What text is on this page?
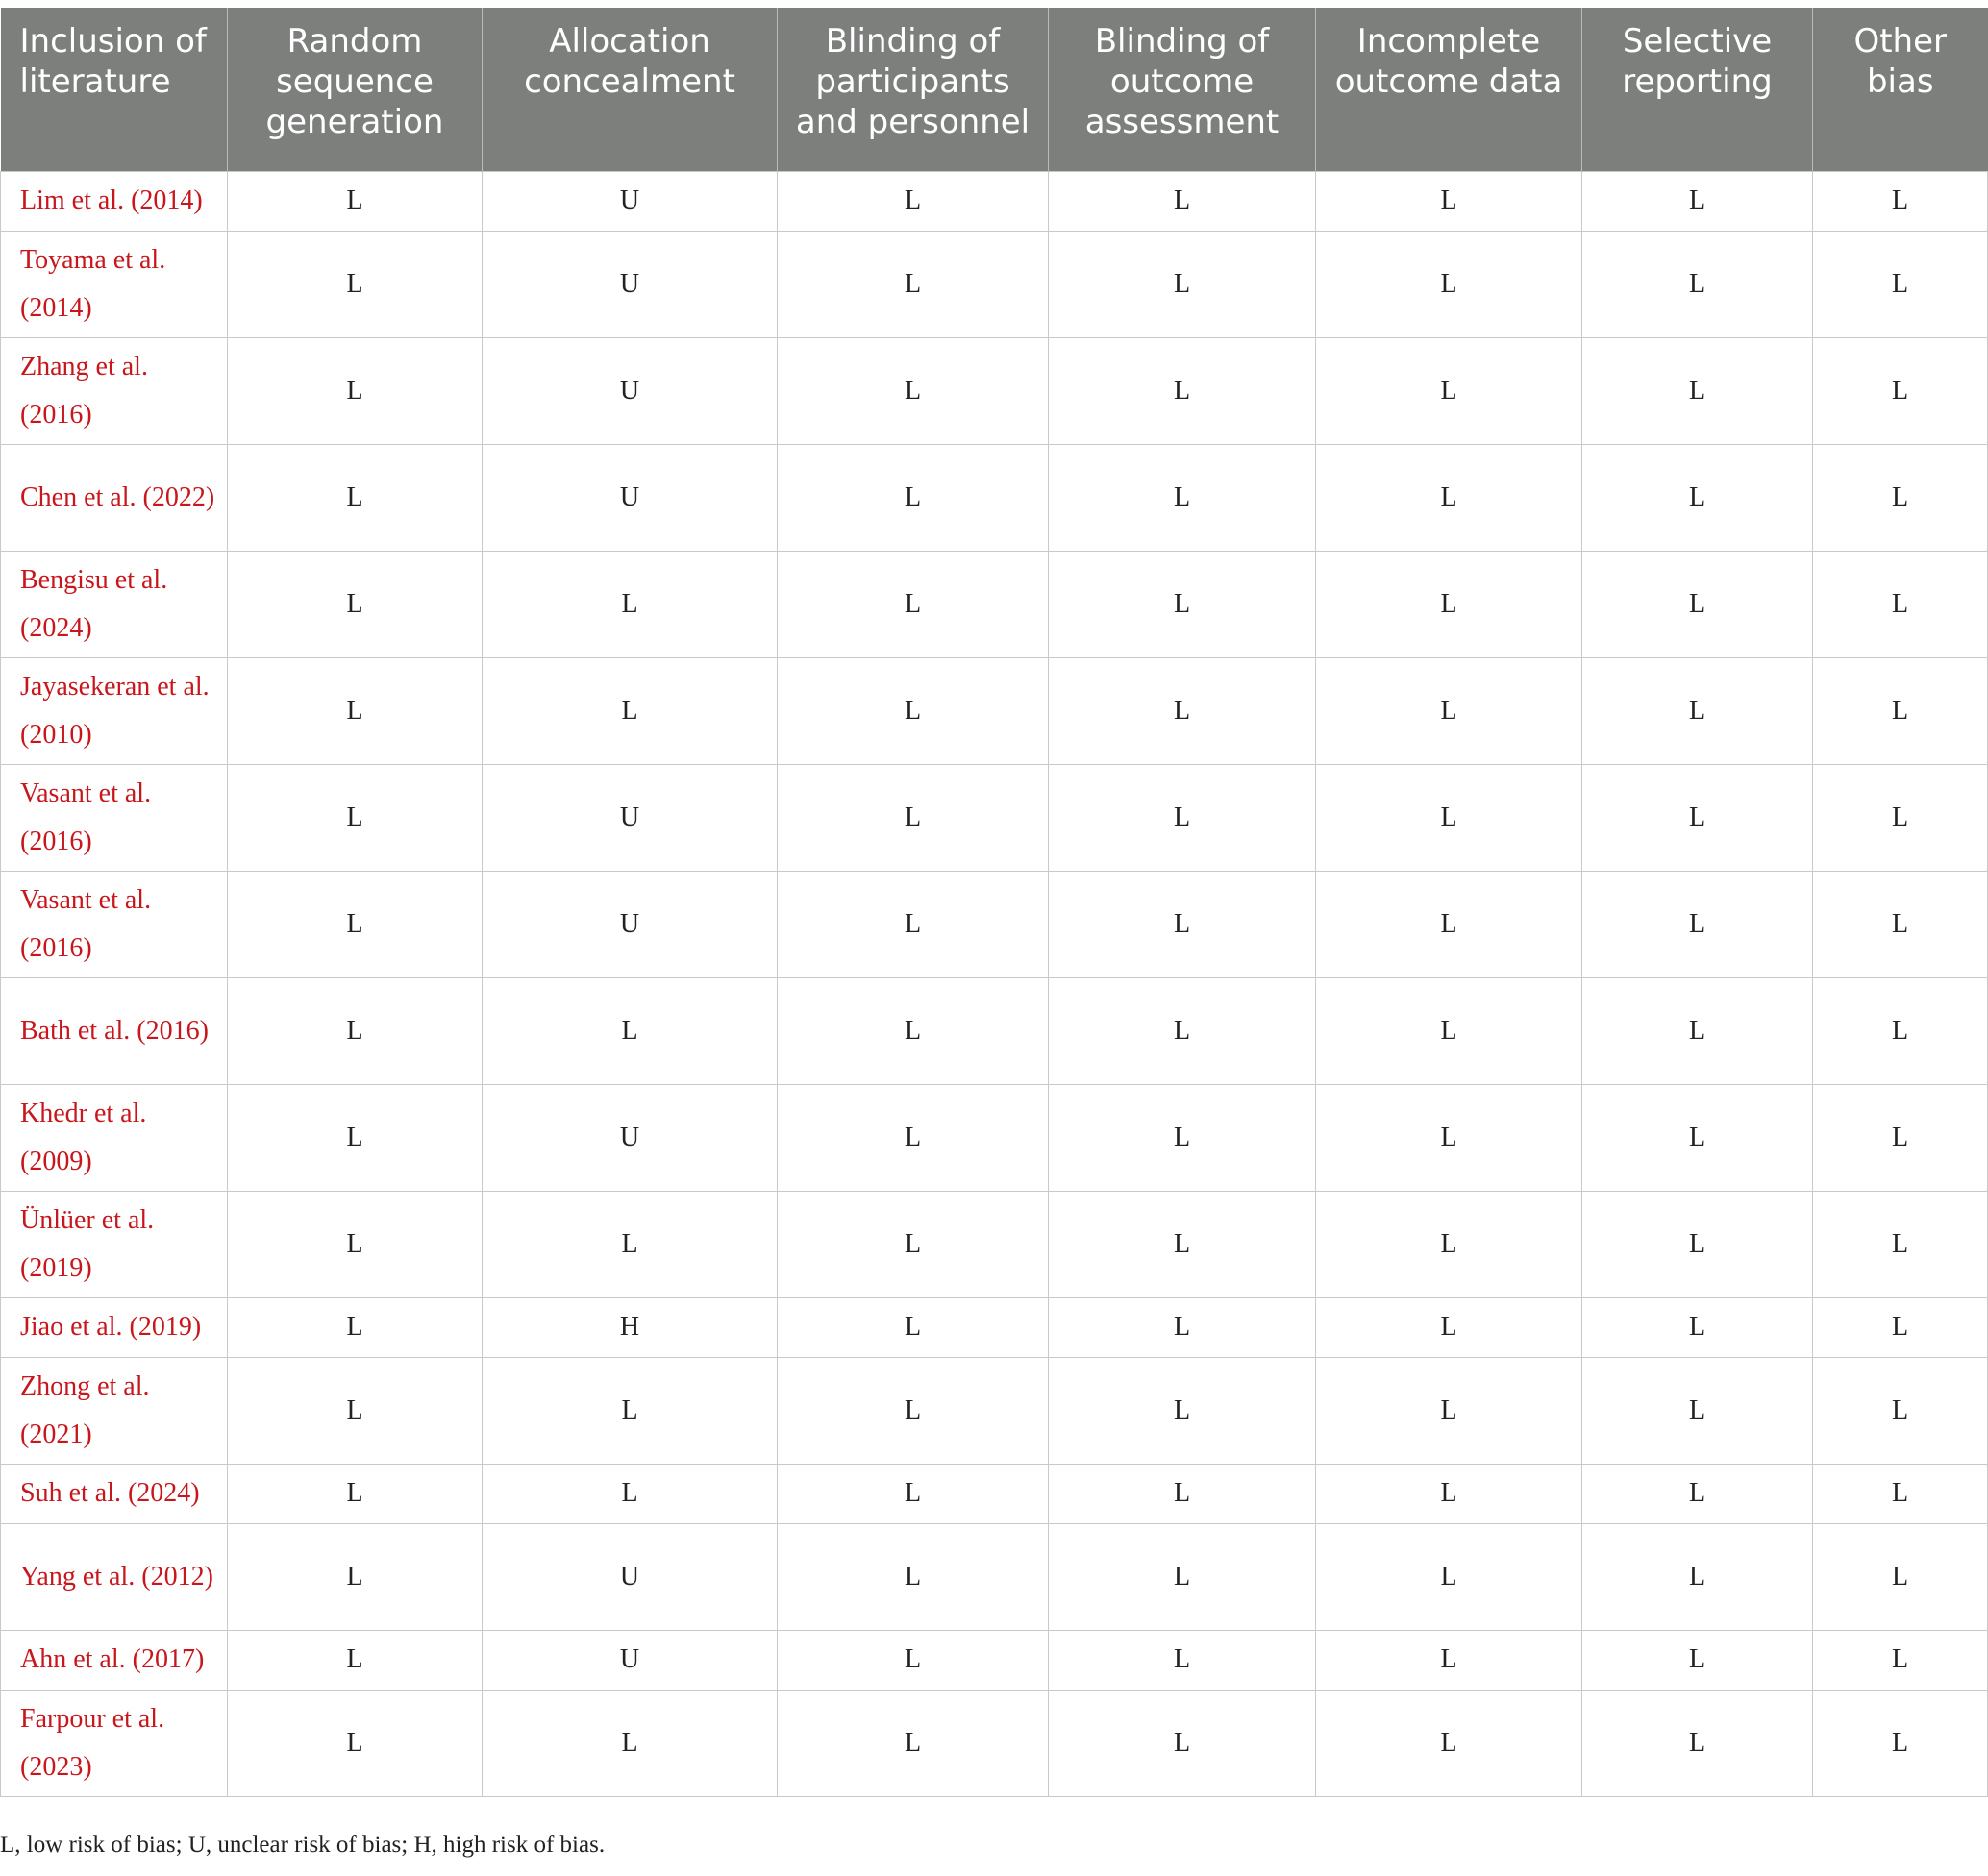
Inclusion of literature	Random sequence generation	Allocation concealment	Blinding of participants and personnel	Blinding of outcome assessment	Incomplete outcome data	Selective reporting	Other bias
Lim et al. (2014)	L	U	L	L	L	L	L
Toyama et al. (2014)	L	U	L	L	L	L	L
Zhang et al. (2016)	L	U	L	L	L	L	L
Chen et al. (2022)	L	U	L	L	L	L	L
Bengisu et al. (2024)	L	L	L	L	L	L	L
Jayasekeran et al. (2010)	L	L	L	L	L	L	L
Vasant et al. (2016)	L	U	L	L	L	L	L
Vasant et al. (2016)	L	U	L	L	L	L	L
Bath et al. (2016)	L	L	L	L	L	L	L
Khedr et al. (2009)	L	U	L	L	L	L	L
Ünlüer et al. (2019)	L	L	L	L	L	L	L
Jiao et al. (2019)	L	H	L	L	L	L	L
Zhong et al. (2021)	L	L	L	L	L	L	L
Suh et al. (2024)	L	L	L	L	L	L	L
Yang et al. (2012)	L	U	L	L	L	L	L
Ahn et al. (2017)	L	U	L	L	L	L	L
Farpour et al. (2023)	L	L	L	L	L	L	L
L, low risk of bias; U, unclear risk of bias; H, high risk of bias.
